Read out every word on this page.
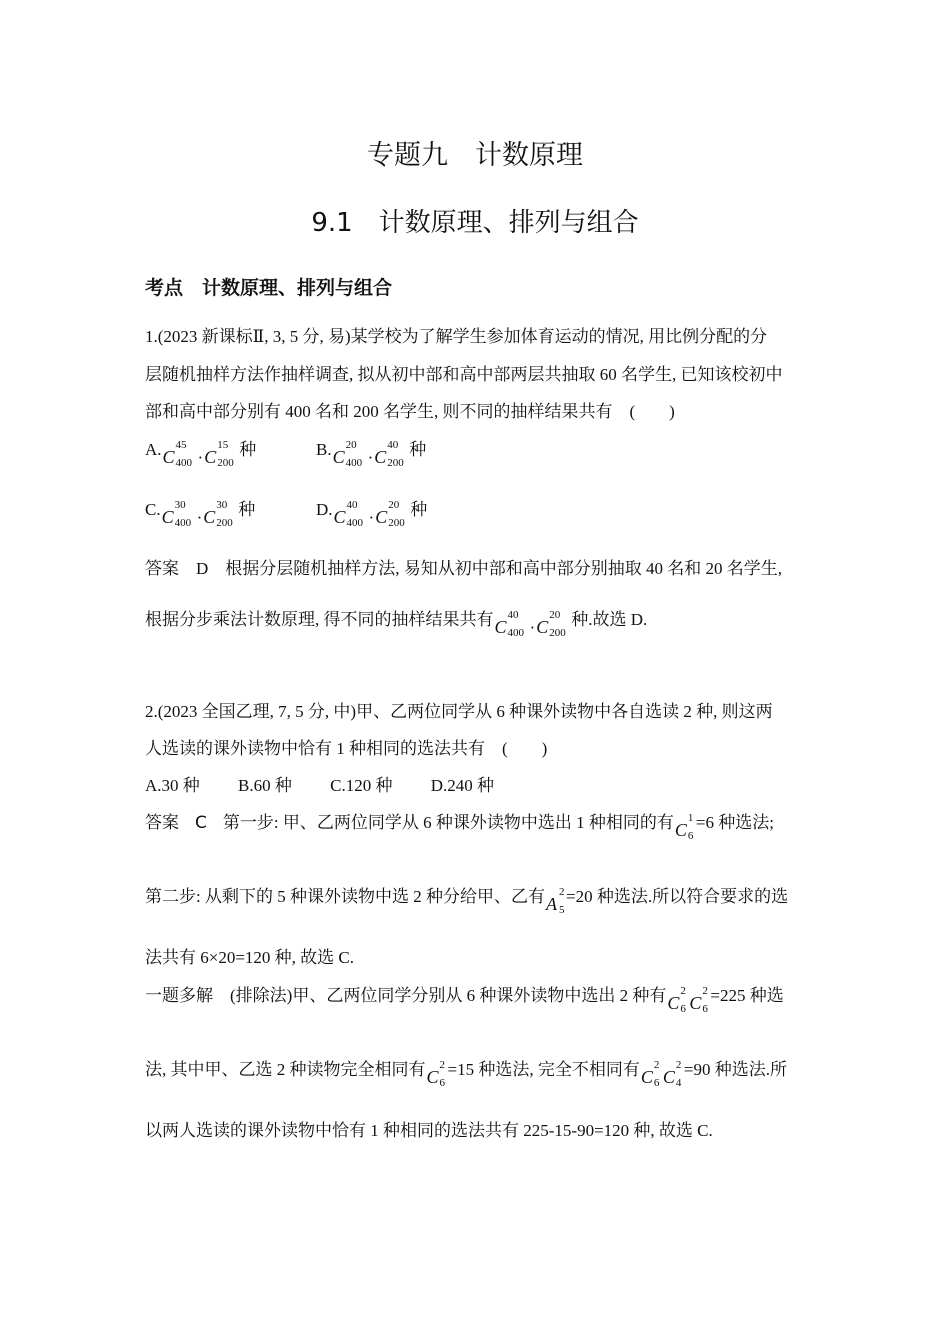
专题九　计数原理
9.1　计数原理、排列与组合
考点　计数原理、排列与组合
1.(2023 新课标Ⅱ, 3, 5 分, 易)某学校为了解学生参加体育运动的情况, 用比例分配的分
层随机抽样方法作抽样调查, 拟从初中部和高中部两层共抽取 60 名学生, 已知该校初中
部和高中部分别有 400 名和 200 名学生, 则不同的抽样结果共有　(　　)
A.C
45
400 ·C
15
200
种	B.C
20
400 ·C
40
200
种
C.C
30
400 ·C
30
200
种	D.C
40
400 ·C
20
200
种
答案　D　根据分层随机抽样方法, 易知从初中部和高中部分别抽取 40 名和 20 名学生,
根据分步乘法计数原理, 得不同的抽样结果共有C
40
400 ·C
20
200
种.故选 D.
2.(2023 全国乙理, 7, 5 分, 中)甲、乙两位同学从 6 种课外读物中各自选读 2 种, 则这两
人选读的课外读物中恰有 1 种相同的选法共有　(　　)
A.30 种 B.60 种 C.120 种 D.240 种
答案 C 第一步: 甲、乙两位同学从 6 种课外读物中选出 1 种相同的有C
1
6
=6 种选法;
第二步: 从剩下的 5 种课外读物中选 2 种分给甲、乙有A
2
5
=20 种选法.所以符合要求的选
法共有 6×20=120 种, 故选 C.
一题多解　(排除法)甲、乙两位同学分别从 6 种课外读物中选出 2 种有C
2
6 C
2
6
=225 种选
法, 其中甲、乙选 2 种读物完全相同有C
2
6
=15 种选法, 完全不相同有C
2
6 C
2
4
=90 种选法.所
以两人选读的课外读物中恰有 1 种相同的选法共有 225-15-90=120 种, 故选 C.
